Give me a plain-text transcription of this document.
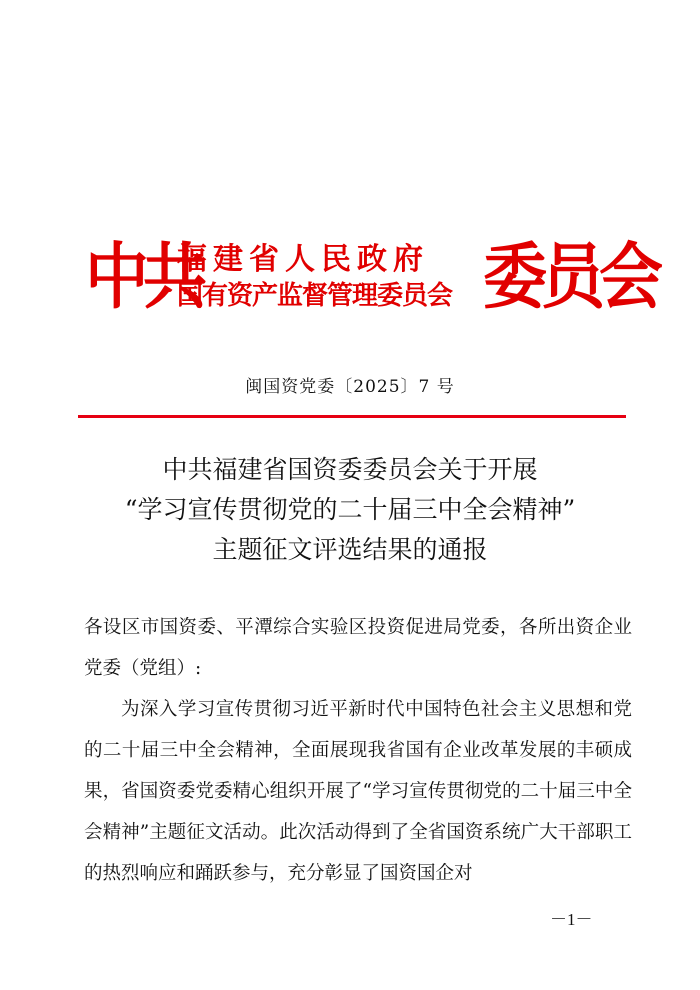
中共
福建省人民政府
国有资产监督管理委员会 委员会
闽国资党委〔2025〕7 号
中共福建省国资委委员会关于开展
“学习宣传贯彻党的二十届三中全会精神”
主题征文评选结果的通报

各设区市国资委、平潭综合实验区投资促进局党委，各所出资企业党委（党组）:

为深入学习宣传贯彻习近平新时代中国特色社会主义思想和党的二十届三中全会精神，全面展现我省国有企业改革发展的丰硕成果，省国资委党委精心组织开展了“学习宣传贯彻党的二十届三中全会精神”主题征文活动。此次活动得到了全省国资系统广大干部职工的热烈响应和踊跃参与，充分彰显了国资国企对

－1－
